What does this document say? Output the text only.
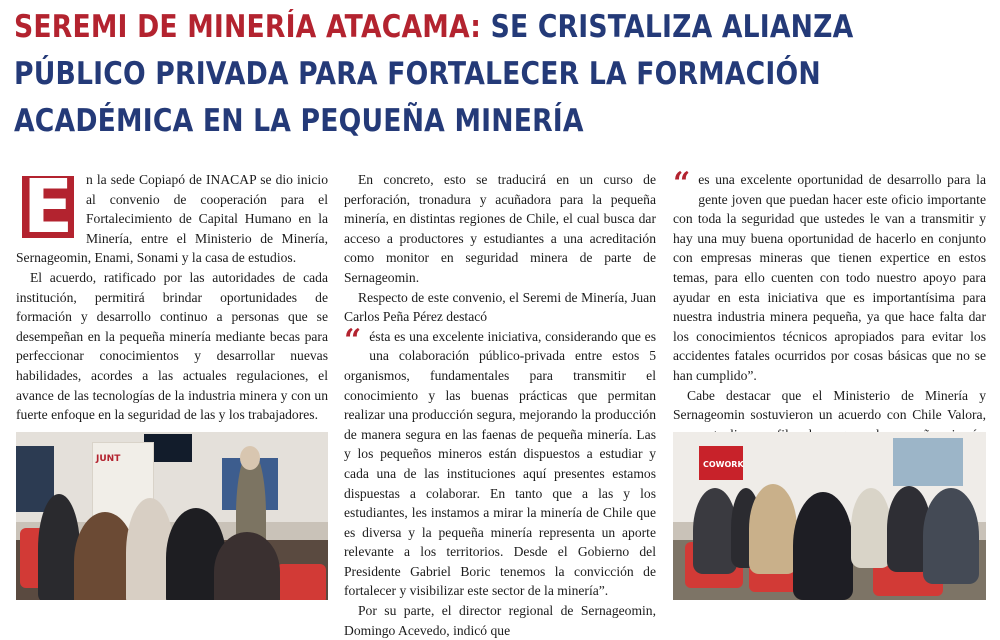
SEREMI DE MINERÍA ATACAMA: SE CRISTALIZA ALIANZA PÚBLICO PRIVADA PARA FORTALECER LA FORMACIÓN ACADÉMICA EN LA PEQUEÑA MINERÍA
E n la sede Copiapó de INACAP se dio inicio al convenio de cooperación para el Fortalecimiento de Capital Humano en la Minería, entre el Ministerio de Minería, Sernageomin, Enami, Sonami y la casa de estudios.

El acuerdo, ratificado por las autoridades de cada institución, permitirá brindar oportunidades de formación y desarrollo continuo a personas que se desempeñan en la pequeña minería mediante becas para perfeccionar conocimientos y desarrollar nuevas habilidades, acordes a las actuales regulaciones, el avance de las tecnologías de la industria minera y con un fuerte enfoque en la seguridad de las y los trabajadores.

En concreto, esto se traducirá en un curso de perforación, tronadura y acuñadora para la pequeña minería, en distintas regiones de Chile, el cual busca dar acceso a productores y estudiantes a una acreditación como monitor en seguridad minera de parte de Sernageomin.

Respecto de este convenio, el Seremi de Minería, Juan Carlos Peña Pérez destacó

“ ésta es una excelente iniciativa, considerando que es una colaboración público-privada entre estos 5 organismos, fundamentales para transmitir el conocimiento y las buenas prácticas que permitan realizar una producción segura, mejorando la producción de manera segura en las faenas de pequeña minería. Las y los pequeños mineros están dispuestos a estudiar y cada una de las instituciones aquí presentes estamos dispuestas a colaborar. En tanto que a las y los estudiantes, les instamos a mirar la minería de Chile que es diversa y la pequeña minería representa un aporte relevante a los territorios. Desde el Gobierno del Presidente Gabriel Boric tenemos la convicción de fortalecer y visibilizar este sector de la minería”.

Por su parte, el director regional de Sernageomin, Domingo Acevedo, indicó que

“ es una excelente oportunidad de desarrollo para la gente joven que puedan hacer este oficio importante con toda la seguridad que ustedes le van a transmitir y hay una muy buena oportunidad de hacerlo en conjunto con empresas mineras que tienen expertice en estos temas, para ello cuenten con todo nuestro apoyo para ayudar en esta iniciativa que es importantísima para nuestra industria minera pequeña, ya que hace falta dar los conocimientos técnicos apropiados para evitar los accidentes fatales ocurridos por cosas básicas que no se han cumplido”.

Cabe destacar que el Ministerio de Minería y Sernageomin sostuvieron un acuerdo con Chile Valora,

JUNT
COWORK
